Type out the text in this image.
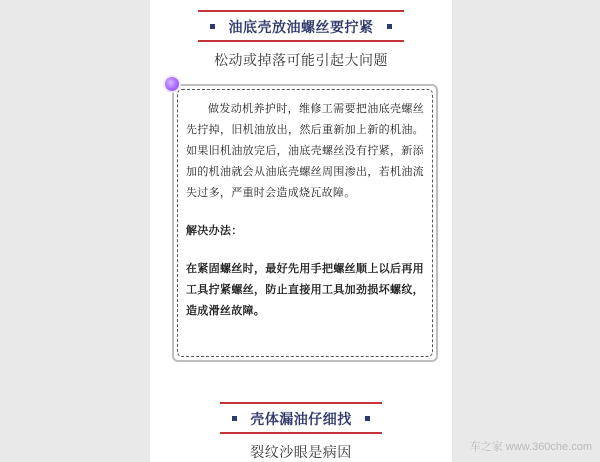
油底壳放油螺丝要拧紧
松动或掉落可能引起大问题

做发动机养护时，维修工需要把油底壳螺丝先拧掉，旧机油放出，然后重新加上新的机油。如果旧机油放完后，油底壳螺丝没有拧紧，新添加的机油就会从油底壳螺丝周围渗出，若机油流失过多，严重时会造成烧瓦故障。

解决办法：

在紧固螺丝时，最好先用手把螺丝顺上以后再用工具拧紧螺丝，防止直接用工具加劲损坏螺纹，造成滑丝故障。

壳体漏油仔细找
裂纹沙眼是病因	车之家 www.360che.com
